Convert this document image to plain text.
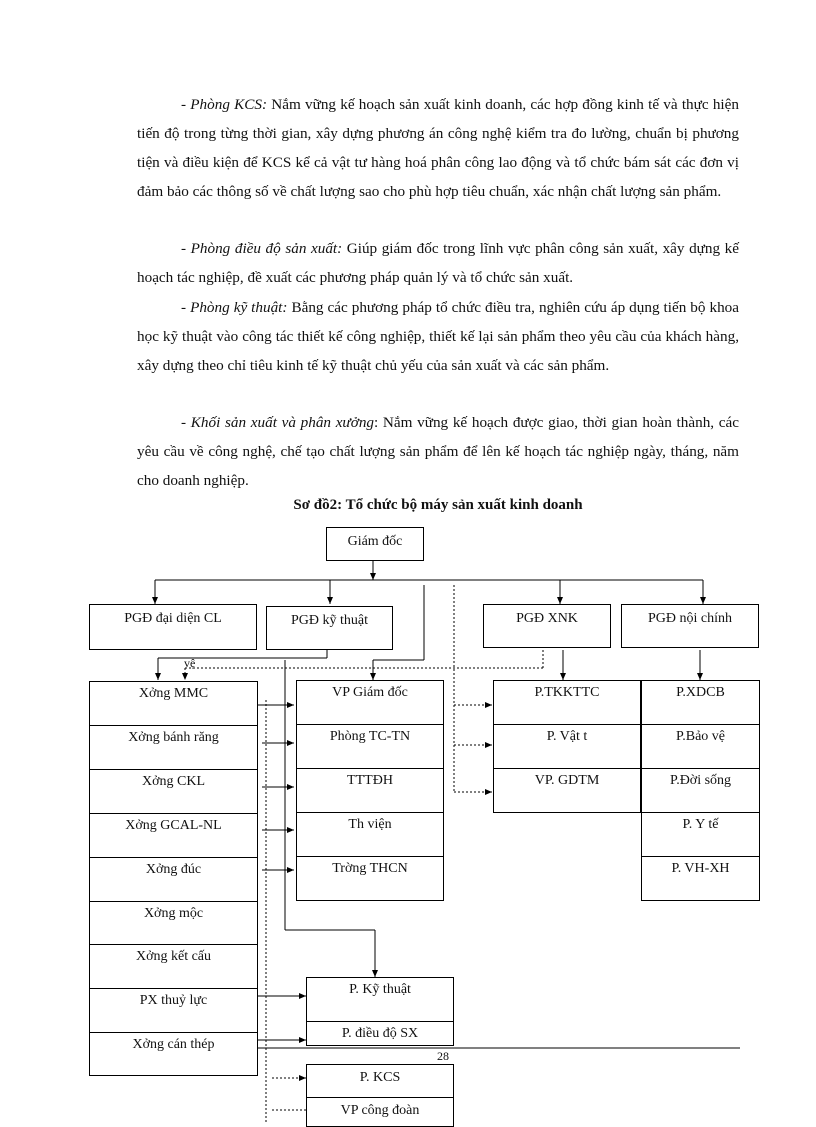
- Phòng KCS: Nắm vững kế hoạch sản xuất kinh doanh, các hợp đồng kinh tế và thực hiện tiến độ trong từng thời gian, xây dựng phương án công nghệ kiểm tra đo lường, chuẩn bị phương tiện và điều kiện để KCS kể cả vật tư hàng hoá phân công lao động và tổ chức bám sát các đơn vị đảm bảo các thông số về chất lượng sao cho phù hợp tiêu chuẩn, xác nhận chất lượng sản phẩm.

- Phòng điều độ sản xuất: Giúp giám đốc trong lĩnh vực phân công sản xuất, xây dựng kế hoạch tác nghiệp, đề xuất các phương pháp quản lý và tổ chức sản xuất.

- Phòng kỹ thuật: Bằng các phương pháp tổ chức điều tra, nghiên cứu áp dụng tiến bộ khoa học kỹ thuật vào công tác thiết kế công nghiệp, thiết kế lại sản phẩm theo yêu cầu của khách hàng, xây dựng theo chỉ tiêu kinh tế kỹ thuật chủ yếu của sản xuất và các sản phẩm.

- Khối sản xuất và phân xưởng: Nắm vững kế hoạch được giao, thời gian hoàn thành, các yêu cầu về công nghệ, chế tạo chất lượng sản phẩm để lên kế hoạch tác nghiệp ngày, tháng, năm cho doanh nghiệp.

Sơ đồ2: Tổ chức bộ máy sản xuất kinh doanh
Giám đốc
PGĐ đại diện CL	PGĐ kỹ thuật	PGĐ XNK	PGĐ nội chính
vệ
Xởng MMC
Xởng bánh răng
Xởng CKL
Xởng GCAL-NL
Xởng đúc
Xởng mộc
Xởng kết cấu
PX thuỷ lực
Xởng cán thép
VP Giám đốc
Phòng TC-TN
TTTĐH
Th viện
Trờng THCN
P.TKKTTC
P. Vật t
VP. GDTM
P.XDCB
P.Bảo vệ
P.Đời sống
P. Y tế
P. VH-XH
P. Kỹ thuật
P. điều độ SX
28
P. KCS
VP công đoàn
